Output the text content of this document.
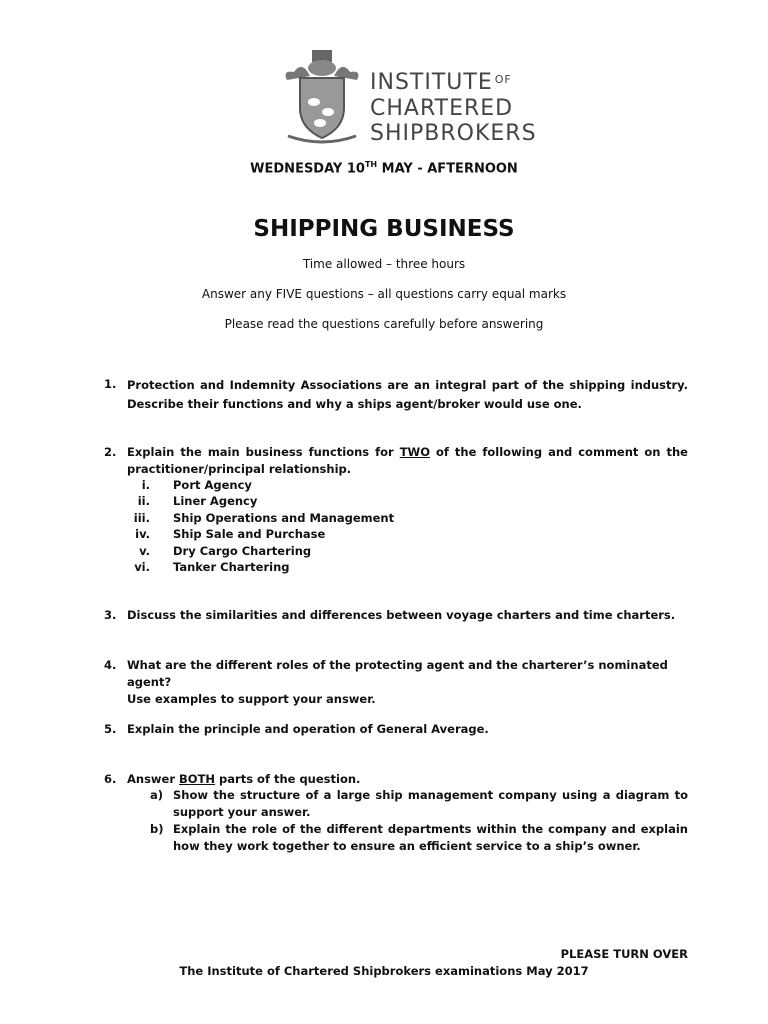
INSTITUTE $^{OF}$
CHARTERED
SHIPBROKERS
WEDNESDAY 10TH MAY - AFTERNOON
SHIPPING BUSINESS
Time allowed – three hours
Answer any FIVE questions – all questions carry equal marks
Please read the questions carefully before answering
1. Protection and Indemnity Associations are an integral part of the shipping industry. Describe their functions and why a ships agent/broker would use one.
2. Explain the main business functions for TWO of the following and comment on the practitioner/principal relationship.
i. Port Agency
ii. Liner Agency
iii. Ship Operations and Management
iv. Ship Sale and Purchase
v. Dry Cargo Chartering
vi. Tanker Chartering
3. Discuss the similarities and differences between voyage charters and time charters.
4. What are the different roles of the protecting agent and the charterer’s nominated agent?
Use examples to support your answer.
5. Explain the principle and operation of General Average.
6. Answer BOTH parts of the question.
a) Show the structure of a large ship management company using a diagram to support your answer.
b) Explain the role of the different departments within the company and explain how they work together to ensure an efficient service to a ship’s owner.
PLEASE TURN OVER
The Institute of Chartered Shipbrokers examinations May 2017
